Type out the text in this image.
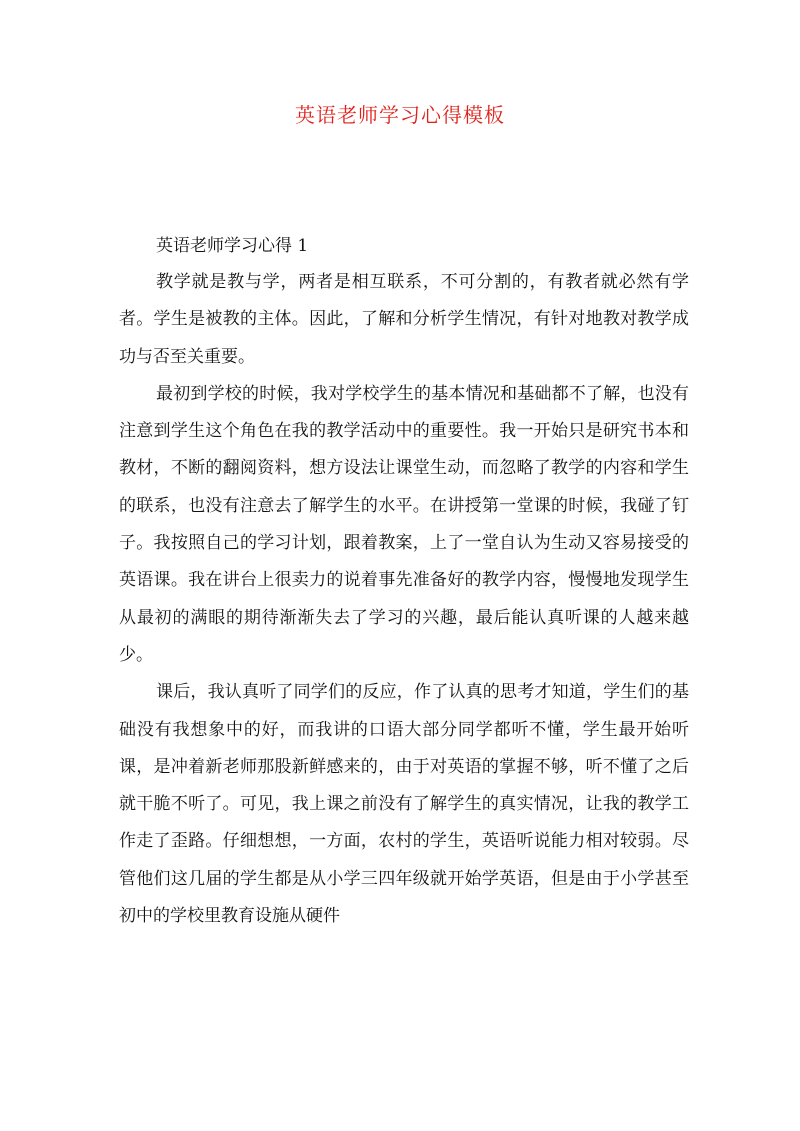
英语老师学习心得模板

英语老师学习心得 1

教学就是教与学，两者是相互联系，不可分割的，有教者就必然有学者。学生是被教的主体。因此，了解和分析学生情况，有针对地教对教学成功与否至关重要。

最初到学校的时候，我对学校学生的基本情况和基础都不了解，也没有注意到学生这个角色在我的教学活动中的重要性。我一开始只是研究书本和教材，不断的翻阅资料，想方设法让课堂生动，而忽略了教学的内容和学生的联系，也没有注意去了解学生的水平。在讲授第一堂课的时候，我碰了钉子。我按照自己的学习计划，跟着教案，上了一堂自认为生动又容易接受的英语课。我在讲台上很卖力的说着事先准备好的教学内容，慢慢地发现学生从最初的满眼的期待渐渐失去了学习的兴趣，最后能认真听课的人越来越少。

课后，我认真听了同学们的反应，作了认真的思考才知道，学生们的基础没有我想象中的好，而我讲的口语大部分同学都听不懂，学生最开始听课，是冲着新老师那股新鲜感来的，由于对英语的掌握不够，听不懂了之后就干脆不听了。可见，我上课之前没有了解学生的真实情况，让我的教学工作走了歪路。仔细想想，一方面，农村的学生，英语听说能力相对较弱。尽管他们这几届的学生都是从小学三四年级就开始学英语，但是由于小学甚至初中的学校里教育设施从硬件
